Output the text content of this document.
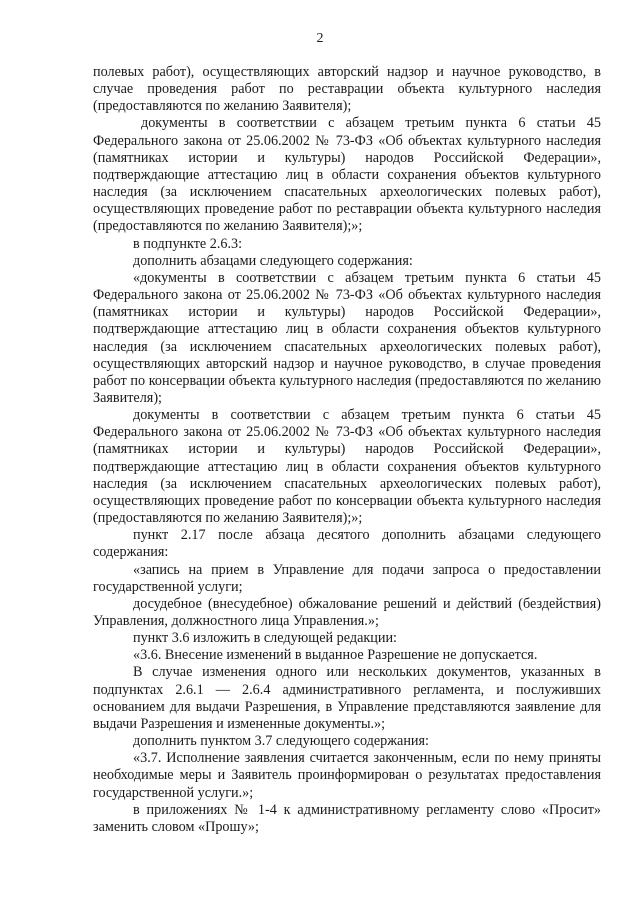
2

полевых работ), осуществляющих авторский надзор и научное руководство, в случае проведения работ по реставрации объекта культурного наследия (предоставляются по желанию Заявителя);

документы в соответствии с абзацем третьим пункта 6 статьи 45 Федерального закона от 25.06.2002 № 73-ФЗ «Об объектах культурного наследия (памятниках истории и культуры) народов Российской Федерации», подтверждающие аттестацию лиц в области сохранения объектов культурного наследия (за исключением спасательных археологических полевых работ), осуществляющих проведение работ по реставрации объекта культурного наследия (предоставляются по желанию Заявителя);»;

в подпункте 2.6.3:

дополнить абзацами следующего содержания:

«документы в соответствии с абзацем третьим пункта 6 статьи 45 Федерального закона от 25.06.2002 № 73-ФЗ «Об объектах культурного наследия (памятниках истории и культуры) народов Российской Федерации», подтверждающие аттестацию лиц в области сохранения объектов культурного наследия (за исключением спасательных археологических полевых работ), осуществляющих авторский надзор и научное руководство, в случае проведения работ по консервации объекта культурного наследия (предоставляются по желанию Заявителя);

документы в соответствии с абзацем третьим пункта 6 статьи 45 Федерального закона от 25.06.2002 № 73-ФЗ «Об объектах культурного наследия (памятниках истории и культуры) народов Российской Федерации», подтверждающие аттестацию лиц в области сохранения объектов культурного наследия (за исключением спасательных археологических полевых работ), осуществляющих проведение работ по консервации объекта культурного наследия (предоставляются по желанию Заявителя);»;

пункт 2.17 после абзаца десятого дополнить абзацами следующего содержания:

«запись на прием в Управление для подачи запроса о предоставлении государственной услуги;

досудебное (внесудебное) обжалование решений и действий (бездействия) Управления, должностного лица Управления.»;

пункт 3.6 изложить в следующей редакции:

«3.6. Внесение изменений в выданное Разрешение не допускается.

В случае изменения одного или нескольких документов, указанных в подпунктах 2.6.1 — 2.6.4 административного регламента, и послуживших основанием для выдачи Разрешения, в Управление представляются заявление для выдачи Разрешения и измененные документы.»;

дополнить пунктом 3.7 следующего содержания:

«3.7. Исполнение заявления считается законченным, если по нему приняты необходимые меры и Заявитель проинформирован о результатах предоставления государственной услуги.»;

в приложениях № 1-4 к административному регламенту слово «Просит» заменить словом «Прошу»;
